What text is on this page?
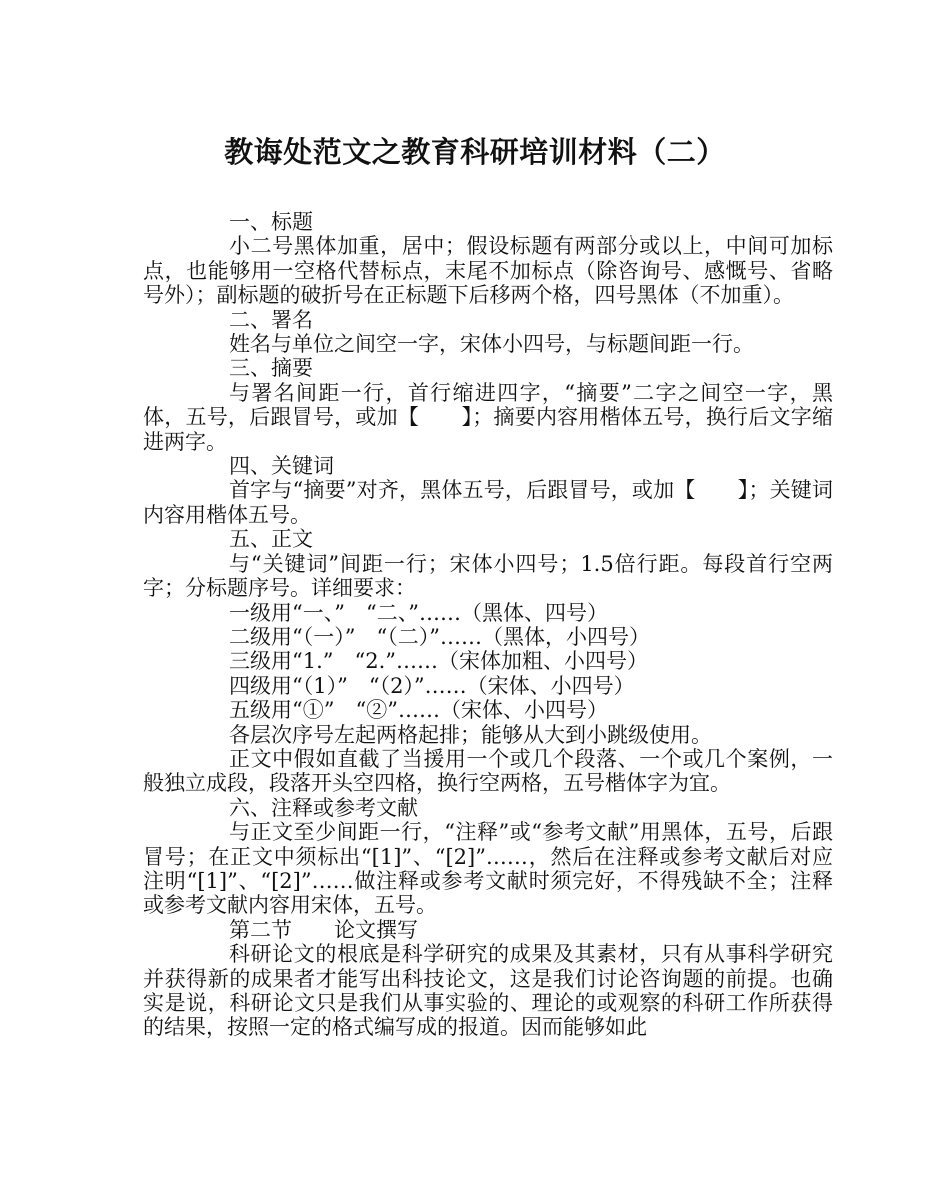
教诲处范文之教育科研培训材料（二）

一、标题

小二号黑体加重，居中；假设标题有两部分或以上，中间可加标点，也能够用一空格代替标点，末尾不加标点（除咨询号、感慨号、省略号外）；副标题的破折号在正标题下后移两个格，四号黑体（不加重）。

二、署名

姓名与单位之间空一字，宋体小四号，与标题间距一行。

三、摘要

与署名间距一行，首行缩进四字，“摘要”二字之间空一字，黑体，五号，后跟冒号，或加【　　】；摘要内容用楷体五号，换行后文字缩进两字。

四、关键词

首字与“摘要”对齐，黑体五号，后跟冒号，或加【　　】；关键词内容用楷体五号。

五、正文

与“关键词”间距一行；宋体小四号；1.5倍行距。每段首行空两字；分标题序号。详细要求：

一级用“一、”　“二、”……（黑体、四号）

二级用“（一）”　“（二）”……（黑体，小四号）

三级用“1.”　“2.”……（宋体加粗、小四号）

四级用“（1）”　“（2）”……（宋体、小四号）

五级用“①”　“②”……（宋体、小四号）

各层次序号左起两格起排；能够从大到小跳级使用。

正文中假如直截了当援用一个或几个段落、一个或几个案例，一般独立成段，段落开头空四格，换行空两格，五号楷体字为宜。

六、注释或参考文献

与正文至少间距一行，“注释”或“参考文献”用黑体，五号，后跟冒号；在正文中须标出“[1]”、“[2]”……，然后在注释或参考文献后对应注明“[1]”、“[2]”……做注释或参考文献时须完好，不得残缺不全；注释或参考文献内容用宋体，五号。

第二节　　论文撰写

科研论文的根底是科学研究的成果及其素材，只有从事科学研究并获得新的成果者才能写出科技论文，这是我们讨论咨询题的前提。也确实是说，科研论文只是我们从事实验的、理论的或观察的科研工作所获得的结果，按照一定的格式编写成的报道。因而能够如此
